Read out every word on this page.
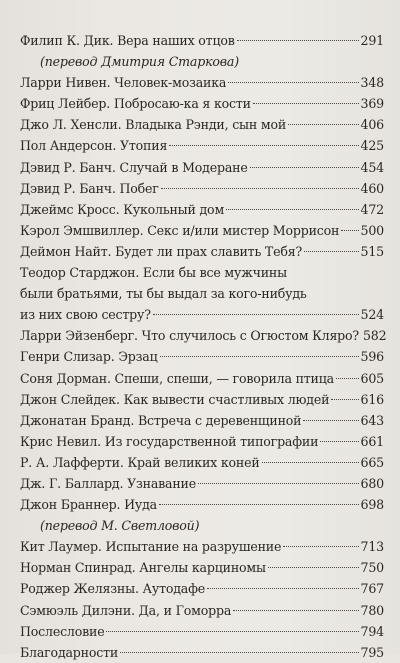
Филип К. Дик. Вера наших отцов	291
(перевод Дмитрия Старкова)
Ларри Нивен. Человек-мозаика	348
Фриц Лейбер. Побросаю-ка я кости	369
Джо Л. Хенсли. Владыка Рэнди, сын мой	406
Пол Андерсон. Утопия	425
Дэвид Р. Банч. Случай в Модеране	454
Дэвид Р. Банч. Побег	460
Джеймс Кросс. Кукольный дом	472
Кэрол Эмшвиллер. Секс и/или мистер Моррисон 500
Деймон Найт. Будет ли прах славить Тебя?	515
Теодор Старджон. Если бы все мужчины
были братьями, ты бы выдал за кого-нибудь
из них свою сестру?	524
Ларри Эйзенберг. Что случилось с Огюстом Кляро? 582
Генри Слизар. Эрзац	596
Соня Дорман. Спеши, спеши, — говорила птица 605
Джон Слейдек. Как вывести счастливых людей 616
Джонатан Бранд. Встреча с деревенщиной	643
Крис Невил. Из государственной типографии	661
Р. А. Лафферти. Край великих коней	665
Дж. Г. Баллард. Узнавание	680
Джон Браннер. Иуда	698
(перевод М. Светловой)
Кит Лаумер. Испытание на разрушение	713
Норман Спинрад. Ангелы карциномы	750
Роджер Желязны. Аутодафе	767
Сэмюэль Дилэни. Да, и Гоморра	780
Послесловие	794
Благодарности	795
